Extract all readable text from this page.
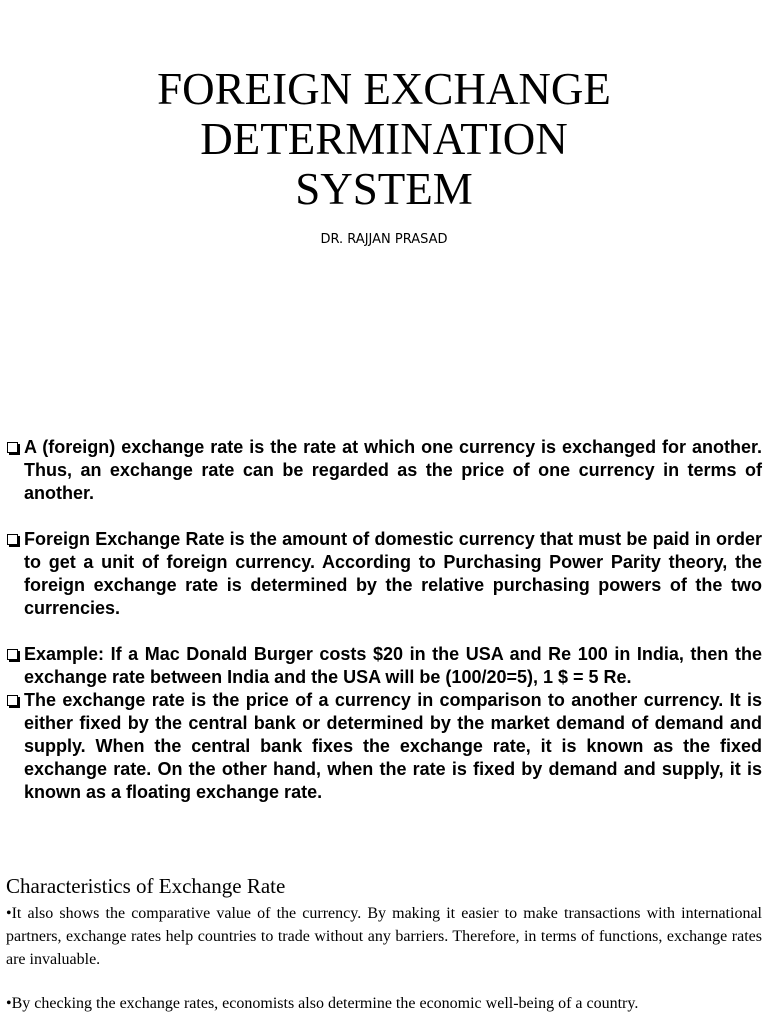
FOREIGN EXCHANGE
DETERMINATION
SYSTEM
DR. RAJJAN PRASAD
A (foreign) exchange rate is the rate at which one currency is exchanged for another. Thus, an exchange rate can be regarded as the price of one currency in terms of another.
Foreign Exchange Rate is the amount of domestic currency that must be paid in order to get a unit of foreign currency. According to Purchasing Power Parity theory, the foreign exchange rate is determined by the relative purchasing powers of the two currencies.
Example: If a Mac Donald Burger costs $20 in the USA and Re 100 in India, then the exchange rate between India and the USA will be (100/20=5), 1 $ = 5 Re.
The exchange rate is the price of a currency in comparison to another currency. It is either fixed by the central bank or determined by the market demand of demand and supply. When the central bank fixes the exchange rate, it is known as the fixed exchange rate. On the other hand, when the rate is fixed by demand and supply, it is known as a floating exchange rate.
Characteristics of Exchange Rate

•It also shows the comparative value of the currency. By making it easier to make transactions with international partners, exchange rates help countries to trade without any barriers. Therefore, in terms of functions, exchange rates are invaluable.

•By checking the exchange rates, economists also determine the economic well-being of a country.
